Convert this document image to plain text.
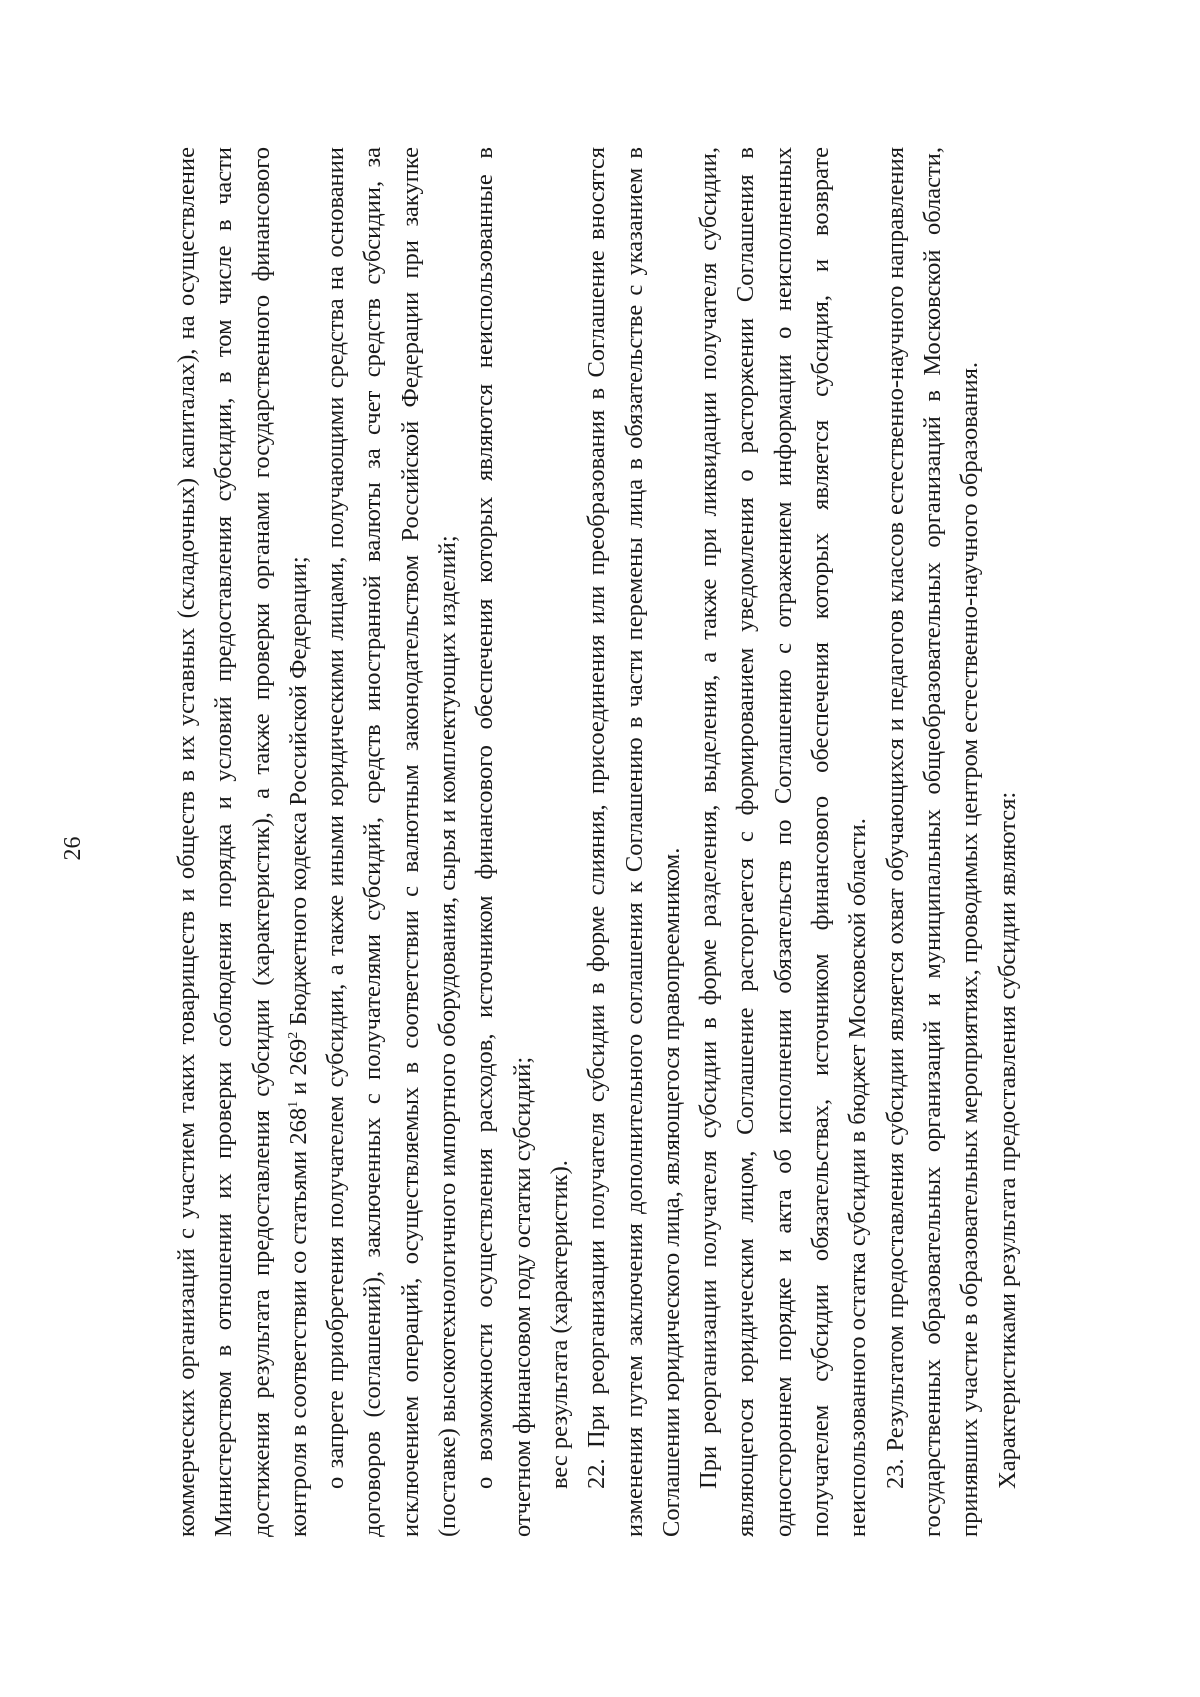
26	коммерческих организаций с участием таких товариществ и обществ в их уставных (складочных) капиталах), на осуществление Министерством в отношении их проверки соблюдения порядка и условий предоставления субсидии, в том числе в части достижения результата предоставления субсидии (характеристик), а также проверки органами государственного финансового контроля в соответствии со статьями $268^1$ и $269^2$ Бюджетного кодекса Российской Федерации; о запрете приобретения получателем субсидии, а также иными юридическими лицами, получающими средства на основании договоров (соглашений), заключенных с получателями субсидий, средств иностранной валюты за счет средств субсидии, за исключением операций, осуществляемых в соответствии с валютным законодательством Российской Федерации при закупке (поставке) высокотехнологичного импортного оборудования, сырья и комплектующих изделий; о возможности осуществления расходов, источником финансового обеспечения которых являются неиспользованные в отчетном финансовом году остатки субсидий; вес результата (характеристик). 22. При реорганизации получателя субсидии в форме слияния, присоединения или преобразования в Соглашение вносятся изменения путем заключения дополнительного соглашения к Соглашению в части перемены лица в обязательстве с указанием в Соглашении юридического лица, являющегося правопреемником. При реорганизации получателя субсидии в форме разделения, выделения, а также при ликвидации получателя субсидии, являющегося юридическим лицом, Соглашение расторгается с формированием уведомления о расторжении Соглашения в одностороннем порядке и акта об исполнении обязательств по Соглашению с отражением информации о неисполненных получателем субсидии обязательствах, источником финансового обеспечения которых является субсидия, и возврате неиспользованного остатка субсидии в бюджет Московской области. 23. Результатом предоставления субсидии является охват обучающихся и педагогов классов естественно-научного направления государственных образовательных организаций и муниципальных общеобразовательных организаций в Московской области, принявших участие в образовательных мероприятиях, проводимых центром естественно-научного образования. Характеристиками результата предоставления субсидии являются:
